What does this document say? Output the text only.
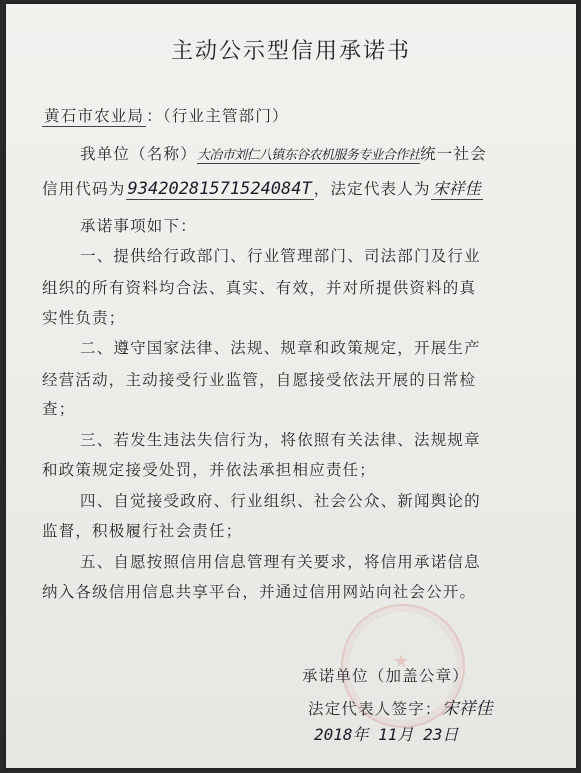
主动公示型信用承诺书
黄石市农业局 ：（行业主管部门）
我单位（名称）大冶市刘仁八镇东谷农机服务专业合作社统一社会
信用代码为 93420281571524084T ，法定代表人为 宋祥佳
承诺事项如下：
一、提供给行政部门、行业管理部门、司法部门及行业
组织的所有资料均合法、真实、有效，并对所提供资料的真
实性负责；
二、遵守国家法律、法规、规章和政策规定，开展生产
经营活动，主动接受行业监管，自愿接受依法开展的日常检
查；
三、若发生违法失信行为，将依照有关法律、法规规章
和政策规定接受处罚，并依法承担相应责任；
四、自觉接受政府、行业组织、社会公众、新闻舆论的
监督，积极履行社会责任；
五、自愿按照信用信息管理有关要求，将信用承诺信息
纳入各级信用信息共享平台，并通过信用网站向社会公开。
★
承诺单位（加盖公章）
法定代表人签字：宋祥佳
2018年 11月 23日
